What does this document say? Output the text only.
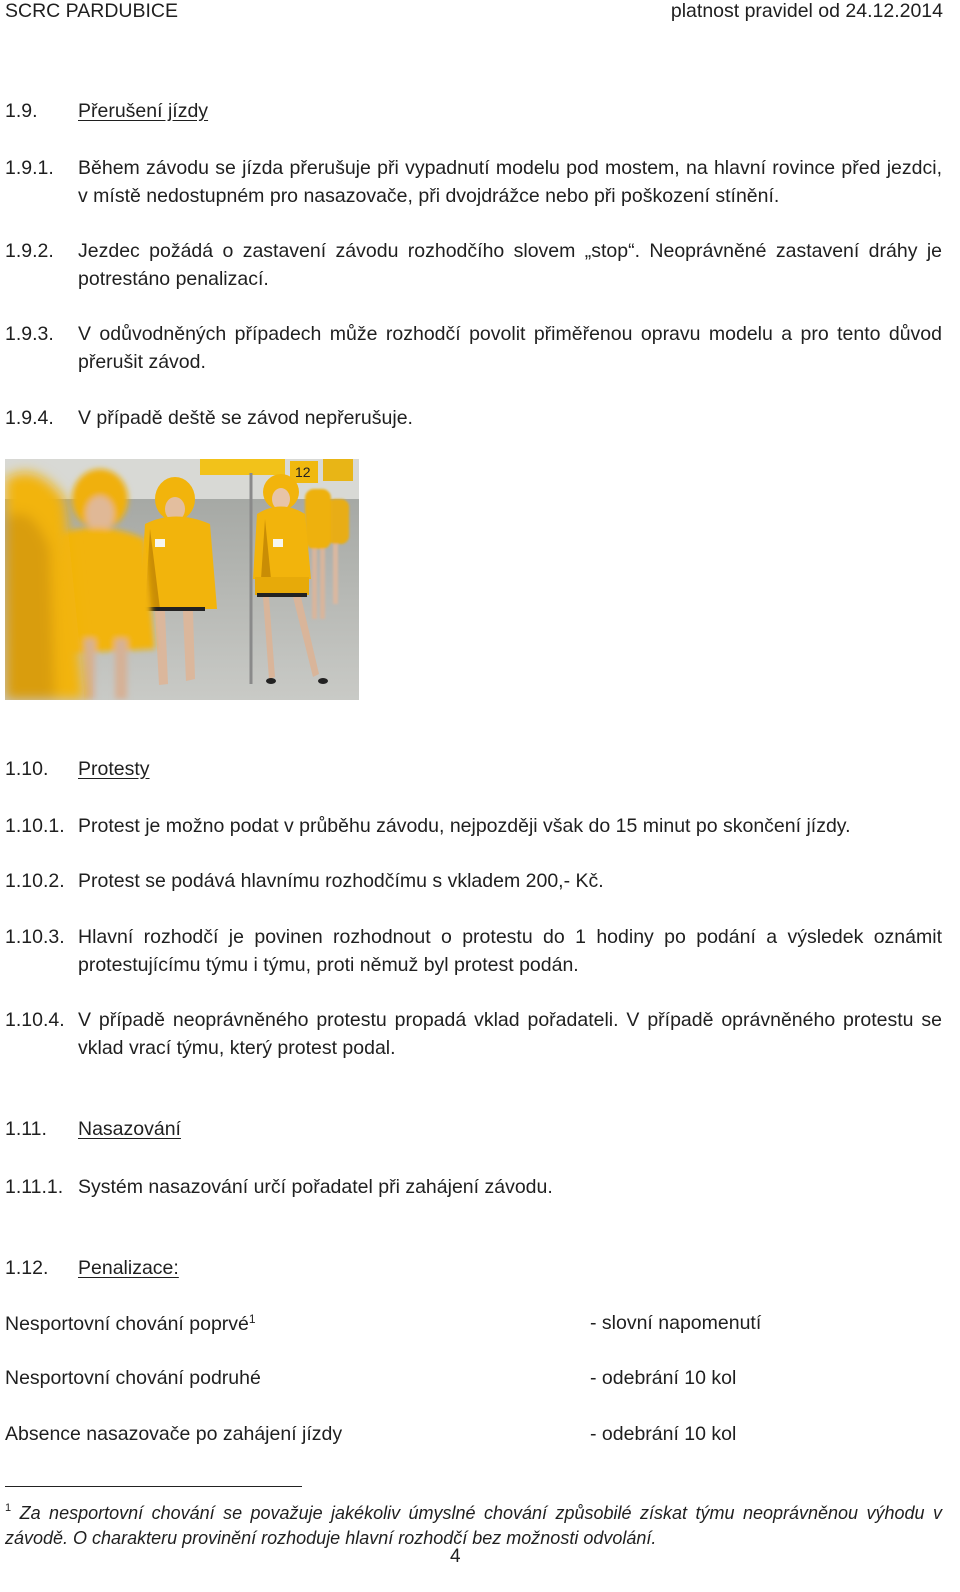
SCRC PARDUBICE	platnost pravidel od 24.12.2014
1.9. Přerušení jízdy
1.9.1. Během závodu se jízda přerušuje při vypadnutí modelu pod mostem, na hlavní rovince před jezdci, v místě nedostupném pro nasazovače, při dvojdrážce nebo při poškození stínění.
1.9.2. Jezdec požádá o zastavení závodu rozhodčího slovem „stop“. Neoprávněné zastavení dráhy je potrestáno penalizací.
1.9.3. V odůvodněných případech může rozhodčí povolit přiměřenou opravu modelu a pro tento důvod přerušit závod.
1.9.4. V případě deště se závod nepřerušuje.
12
1.10. Protesty
1.10.1. Protest je možno podat v průběhu závodu, nejpozději však do 15 minut po skončení jízdy.
1.10.2. Protest se podává hlavnímu rozhodčímu s vkladem 200,- Kč.
1.10.3. Hlavní rozhodčí je povinen rozhodnout o protestu do 1 hodiny po podání a výsledek oznámit protestujícímu týmu i týmu, proti němuž byl protest podán.
1.10.4. V případě neoprávněného protestu propadá vklad pořadateli. V případě oprávněného protestu se vklad vrací týmu, který protest podal.
1.11. Nasazování
1.11.1. Systém nasazování určí pořadatel při zahájení závodu.
1.12. Penalizace:
Nesportovní chování poprvé$^1$	- slovní napomenutí
Nesportovní chování podruhé	- odebrání 10 kol
Absence nasazovače po zahájení jízdy	- odebrání 10 kol
$^1$ Za nesportovní chování se považuje jakékoliv úmyslné chování způsobilé získat týmu neoprávněnou výhodu v závodě. O charakteru provinění rozhoduje hlavní rozhodčí bez možnosti odvolání.
4
